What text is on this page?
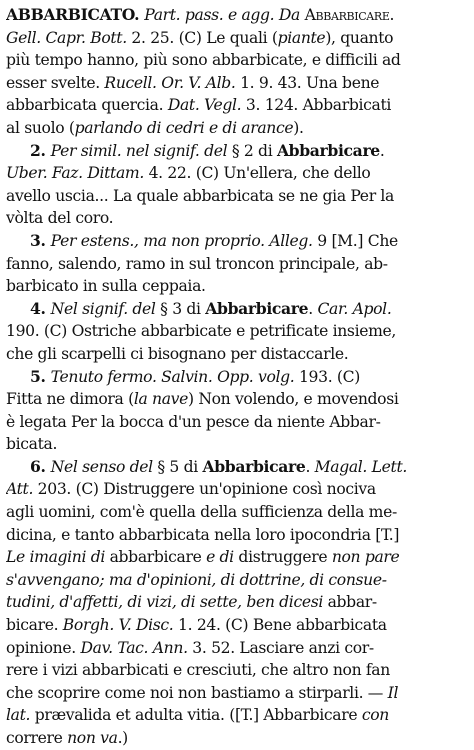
ABBARBICATO. Part. pass. e agg. Da Abbarbicare.
Gell. Capr. Bott. 2. 25. (C) Le quali (piante), quanto
più tempo hanno, più sono abbarbicate, e difficili ad
esser svelte. Rucell. Or. V. Alb. 1. 9. 43. Una bene
abbarbicata quercia. Dat. Vegl. 3. 124. Abbarbicati
al suolo (parlando di cedri e di arance).
2. Per simil. nel signif. del § 2 di Abbarbicare.
Uber. Faz. Dittam. 4. 22. (C) Un'ellera, che dello
avello uscia... La quale abbarbicata se ne gia Per la
vòlta del coro.
3. Per estens., ma non proprio. Alleg. 9 [M.] Che
fanno, salendo, ramo in sul troncon principale, ab-
barbicato in sulla ceppaia.
4. Nel signif. del § 3 di Abbarbicare. Car. Apol.
190. (C) Ostriche abbarbicate e petrificate insieme,
che gli scarpelli ci bisognano per distaccarle.
5. Tenuto fermo. Salvin. Opp. volg. 193. (C)
Fitta ne dimora (la nave) Non volendo, e movendosi
è legata Per la bocca d'un pesce da niente Abbar-
bicata.
6. Nel senso del § 5 di Abbarbicare. Magal. Lett.
Att. 203. (C) Distruggere un'opinione così nociva
agli uomini, com'è quella della sufficienza della me-
dicina, e tanto abbarbicata nella loro ipocondria [T.]
Le imagini di abbarbicare e di distruggere non pare
s'avvengano; ma d'opinioni, di dottrine, di consue-
tudini, d'affetti, di vizi, di sette, ben dicesi abbar-
bicare. Borgh. V. Disc. 1. 24. (C) Bene abbarbicata
opinione. Dav. Tac. Ann. 3. 52. Lasciare anzi cor-
rere i vizi abbarbicati e cresciuti, che altro non fan
che scoprire come noi non bastiamo a stirparli. — Il
lat. prævalida et adulta vitia. ([T.] Abbarbicare con
correre non va.)
